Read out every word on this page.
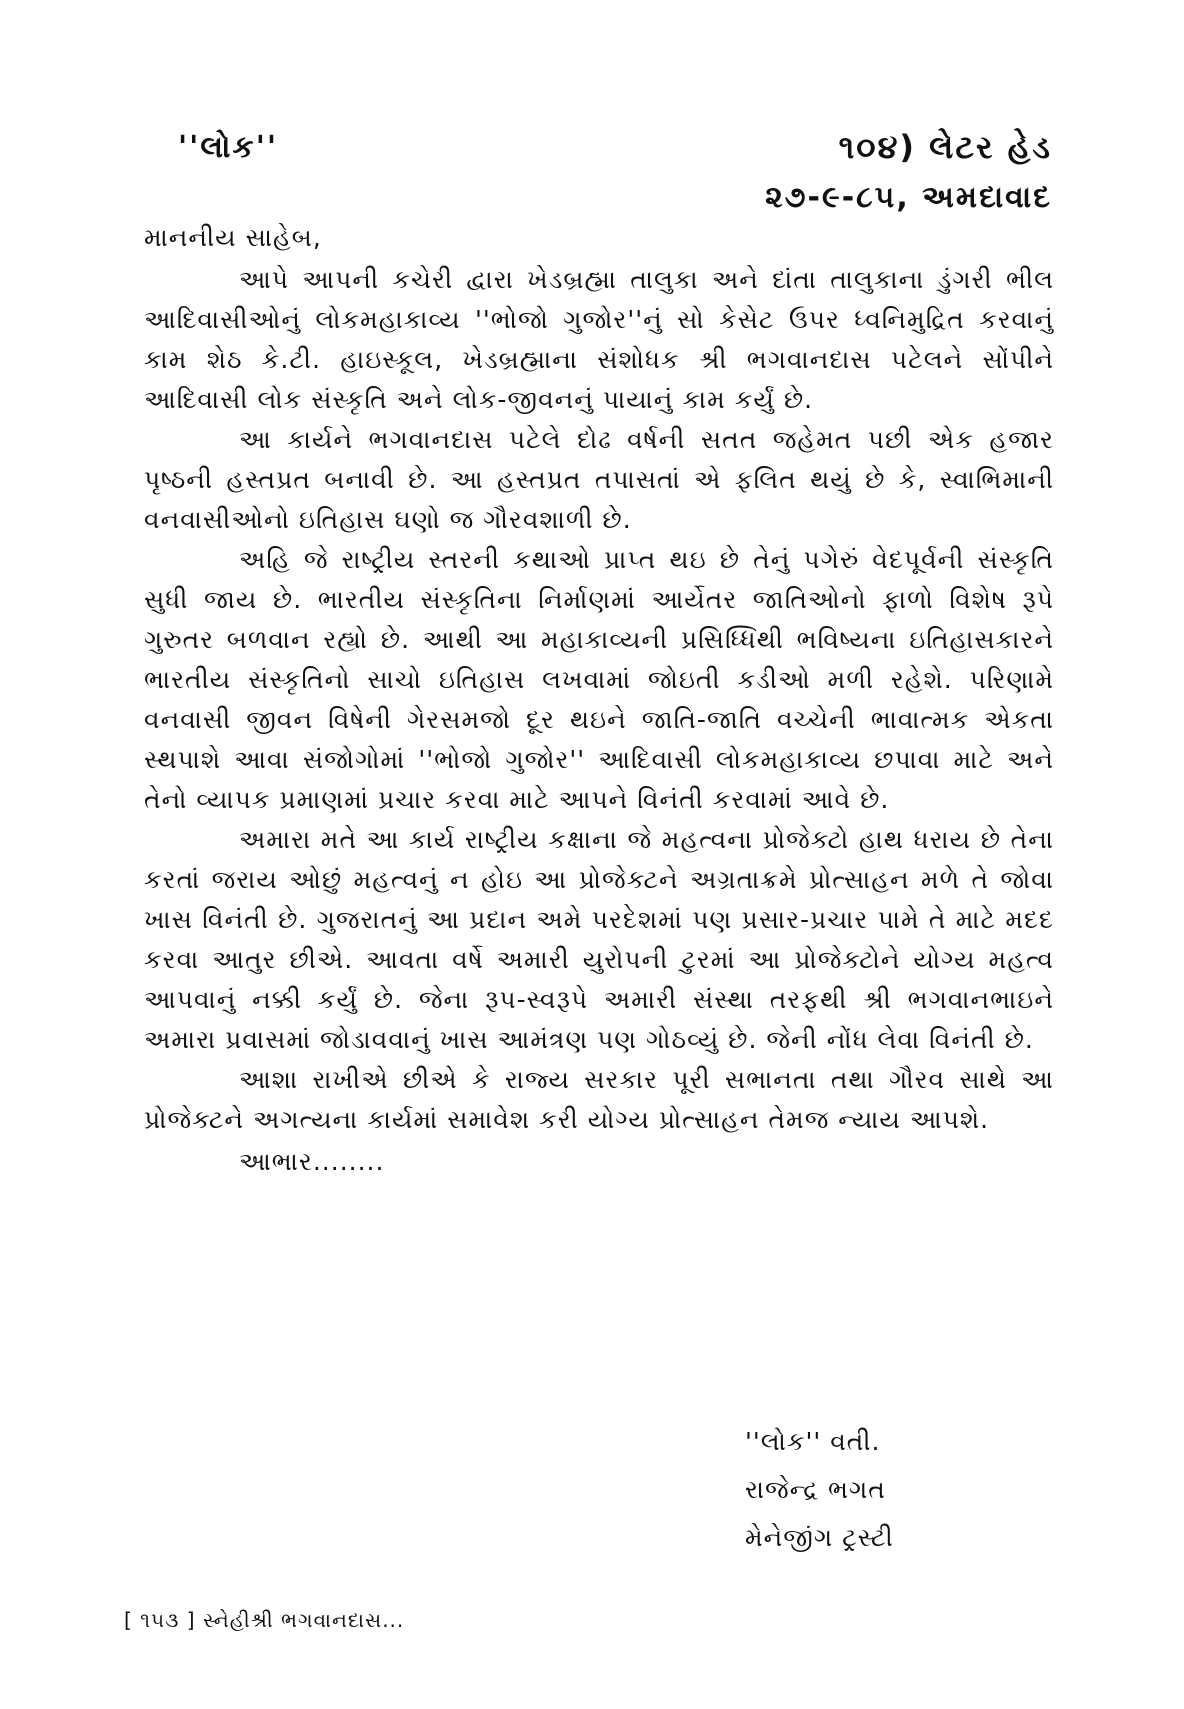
''લોક''	૧૦૪) લેટર હેડ
૨૭-૯-૮૫, અમદાવાદ
માનનીય સાહેબ,

આપે આપની કચેરી દ્વારા ખેડબ્રહ્મા તાલુકા અને દાંતા તાલુકાના ડુંગરી ભીલ આદિવાસીઓનું લોકમહાકાવ્ય ''ભોજો ગુજોર''નું સો કેસેટ ઉપર ધ્વનિમુદ્રિત કરવાનું કામ શેઠ કે.ટી. હાઇસ્કૂલ, ખેડબ્રહ્માના સંશોધક શ્રી ભગવાનદાસ પટેલને સોંપીને આદિવાસી લોક સંસ્કૃતિ અને લોક-જીવનનું પાયાનું કામ કર્યું છે.

આ કાર્યને ભગવાનદાસ પટેલે દોઢ વર્ષની સતત જહેમત પછી એક હજાર પૃષ્ઠની હસ્તપ્રત બનાવી છે. આ હસ્તપ્રત તપાસતાં એ ફલિત થયું છે કે, સ્વાભિમાની વનવાસીઓનો ઇતિહાસ ઘણો જ ગૌરવશાળી છે.

અહિ જે રાષ્ટ્રીય સ્તરની કથાઓ પ્રાપ્ત થઇ છે તેનું પગેરું વેદપૂર્વની સંસ્કૃતિ સુધી જાય છે. ભારતીય સંસ્કૃતિના નિર્માણમાં આર્યેતર જાતિઓનો ફાળો વિશેષ રૂપે ગુરુતર બળવાન રહ્યો છે. આથી આ મહાકાવ્યની પ્રસિધ્ધિથી ભવિષ્યના ઇતિહાસકારને ભારતીય સંસ્કૃતિનો સાચો ઇતિહાસ લખવામાં જોઇતી કડીઓ મળી રહેશે. પરિણામે વનવાસી જીવન વિષેની ગેરસમજો દૂર થઇને જાતિ-જાતિ વચ્ચેની ભાવાત્મક એકતા સ્થપાશે આવા સંજોગોમાં ''ભોજો ગુજોર'' આદિવાસી લોકમહાકાવ્ય છપાવા માટે અને તેનો વ્યાપક પ્રમાણમાં પ્રચાર કરવા માટે આપને વિનંતી કરવામાં આવે છે.

અમારા મતે આ કાર્ય રાષ્ટ્રીય કક્ષાના જે મહત્વના પ્રોજેક્ટો હાથ ધરાય છે તેના કરતાં જરાય ઓછું મહત્વનું ન હોઇ આ પ્રોજેક્ટને અગ્રતાક્રમે પ્રોત્સાહન મળે તે જોવા ખાસ વિનંતી છે. ગુજરાતનું આ પ્રદાન અમે પરદેશમાં પણ પ્રસાર-પ્રચાર પામે તે માટે મદદ કરવા આતુર છીએ. આવતા વર્ષે અમારી યુરોપની ટુરમાં આ પ્રોજેક્ટોને યોગ્ય મહત્વ આપવાનું નક્કી કર્યું છે. જેના રૂપ-સ્વરૂપે અમારી સંસ્થા તરફથી શ્રી ભગવાનભાઇને અમારા પ્રવાસમાં જોડાવવાનું ખાસ આમંત્રણ પણ ગોઠવ્યું છે. જેની નોંધ લેવા વિનંતી છે.

આશા રાખીએ છીએ કે રાજ્ય સરકાર પૂરી સભાનતા તથા ગૌરવ સાથે આ પ્રોજેક્ટને અગત્યના કાર્યમાં સમાવેશ કરી યોગ્ય પ્રોત્સાહન તેમજ ન્યાય આપશે.

આભાર........
''લોક'' વતી.
રાજેન્દ્ર ભગત
મેનેજીંગ ટ્રસ્ટી
[ ૧૫૩ ] સ્નેહીશ્રી ભગવાનદાસ...
